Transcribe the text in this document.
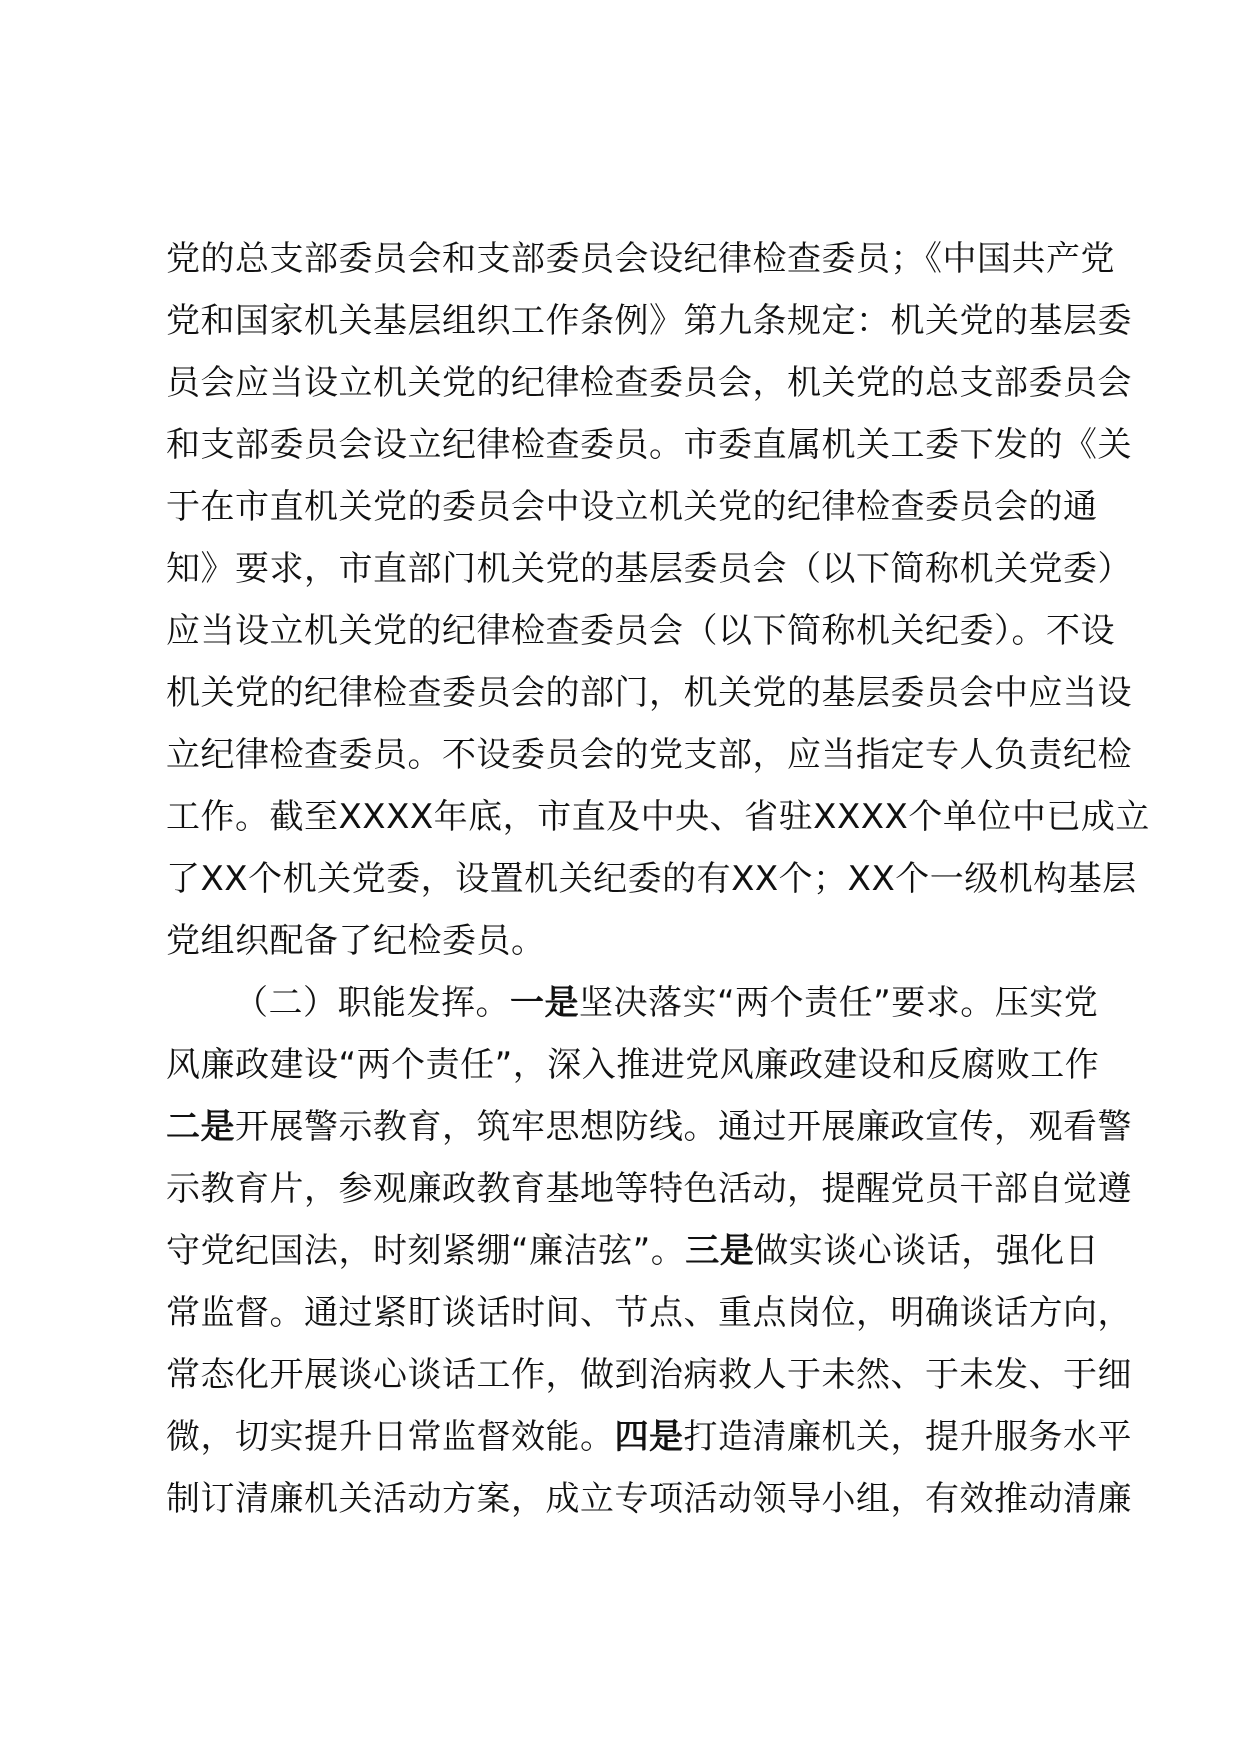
党的总支部委员会和支部委员会设纪律检查委员；《中国共产党
党和国家机关基层组织工作条例》第九条规定：机关党的基层委
员会应当设立机关党的纪律检查委员会，机关党的总支部委员会
和支部委员会设立纪律检查委员。市委直属机关工委下发的《关
于在市直机关党的委员会中设立机关党的纪律检查委员会的通
知》要求，市直部门机关党的基层委员会（以下简称机关党委）
应当设立机关党的纪律检查委员会（以下简称机关纪委）。不设
机关党的纪律检查委员会的部门，机关党的基层委员会中应当设
立纪律检查委员。不设委员会的党支部，应当指定专人负责纪检
工作。截至XXXX年底，市直及中央、省驻XXXX个单位中已成立
了XX个机关党委，设置机关纪委的有XX个；XX个一级机构基层
党组织配备了纪检委员。
（二）职能发挥。一是坚决落实“两个责任”要求。压实党
风廉政建设“两个责任”，深入推进党风廉政建设和反腐败工作
二是开展警示教育，筑牢思想防线。通过开展廉政宣传，观看警
示教育片，参观廉政教育基地等特色活动，提醒党员干部自觉遵
守党纪国法，时刻紧绷“廉洁弦”。三是做实谈心谈话，强化日
常监督。通过紧盯谈话时间、节点、重点岗位，明确谈话方向，
常态化开展谈心谈话工作，做到治病救人于未然、于未发、于细
微，切实提升日常监督效能。四是打造清廉机关，提升服务水平
制订清廉机关活动方案，成立专项活动领导小组，有效推动清廉
